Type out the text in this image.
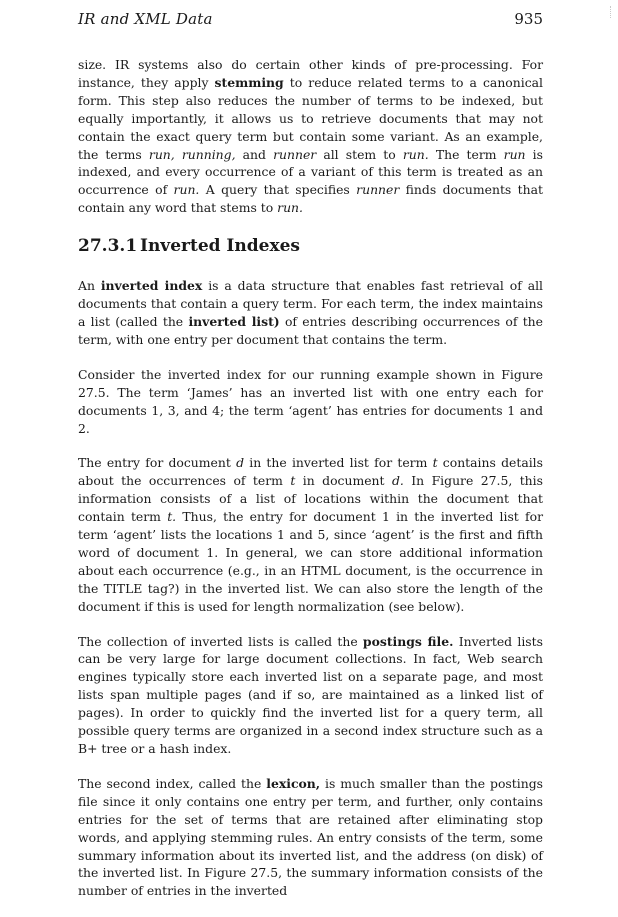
IR and XML Data	935

size. IR systems also do certain other kinds of pre-processing. For instance, they apply stemming to reduce related terms to a canonical form. This step also reduces the number of terms to be indexed, but equally importantly, it allows us to retrieve documents that may not contain the exact query term but contain some variant. As an example, the terms run, running, and runner all stem to run. The term run is indexed, and every occurrence of a variant of this term is treated as an occurrence of run. A query that specifies runner finds documents that contain any word that stems to run.

27.3.1 Inverted Indexes

An inverted index is a data structure that enables fast retrieval of all documents that contain a query term. For each term, the index maintains a list (called the inverted list) of entries describing occurrences of the term, with one entry per document that contains the term.

Consider the inverted index for our running example shown in Figure 27.5. The term ‘James’ has an inverted list with one entry each for documents 1, 3, and 4; the term ‘agent’ has entries for documents 1 and 2.

The entry for document d in the inverted list for term t contains details about the occurrences of term t in document d. In Figure 27.5, this information consists of a list of locations within the document that contain term t. Thus, the entry for document 1 in the inverted list for term ‘agent’ lists the locations 1 and 5, since ‘agent’ is the first and fifth word of document 1. In general, we can store additional information about each occurrence (e.g., in an HTML document, is the occurrence in the TITLE tag?) in the inverted list. We can also store the length of the document if this is used for length normalization (see below).

The collection of inverted lists is called the postings file. Inverted lists can be very large for large document collections. In fact, Web search engines typically store each inverted list on a separate page, and most lists span multiple pages (and if so, are maintained as a linked list of pages). In order to quickly find the inverted list for a query term, all possible query terms are organized in a second index structure such as a B+ tree or a hash index.

The second index, called the lexicon, is much smaller than the postings file since it only contains one entry per term, and further, only contains entries for the set of terms that are retained after eliminating stop words, and applying stemming rules. An entry consists of the term, some summary information about its inverted list, and the address (on disk) of the inverted list. In Figure 27.5, the summary information consists of the number of entries in the inverted
